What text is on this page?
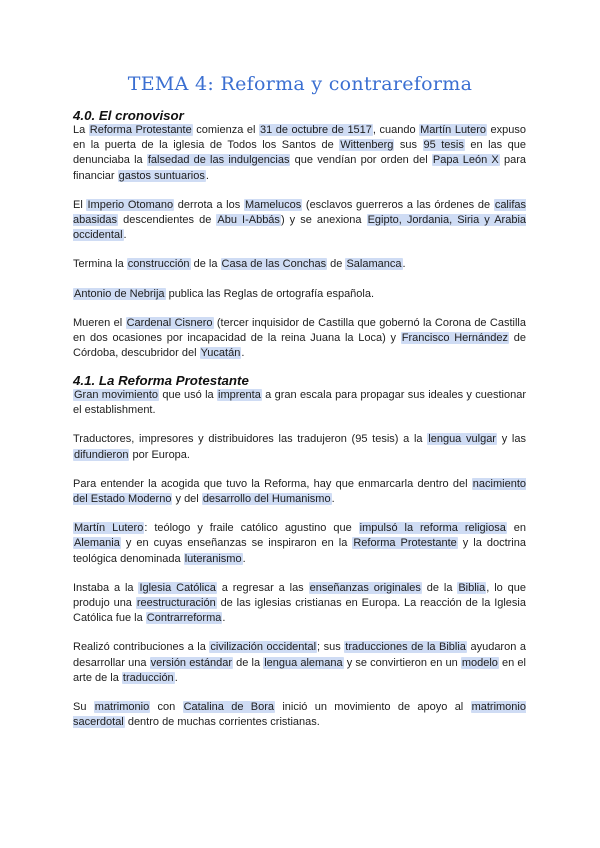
TEMA 4: Reforma y contrareforma
4.0. El cronovisor

La Reforma Protestante comienza el 31 de octubre de 1517, cuando Martín Lutero expuso en la puerta de la iglesia de Todos los Santos de Wittenberg sus 95 tesis en las que denunciaba la falsedad de las indulgencias que vendían por orden del Papa León X para financiar gastos suntuarios.

El Imperio Otomano derrota a los Mamelucos (esclavos guerreros a las órdenes de califas abasidas descendientes de Abu I-Abbás) y se anexiona Egipto, Jordania, Siria y Arabia occidental.

Termina la construcción de la Casa de las Conchas de Salamanca.

Antonio de Nebrija publica las Reglas de ortografía española.

Mueren el Cardenal Cisnero (tercer inquisidor de Castilla que gobernó la Corona de Castilla en dos ocasiones por incapacidad de la reina Juana la Loca) y Francisco Hernández de Córdoba, descubridor del Yucatán.

4.1. La Reforma Protestante

Gran movimiento que usó la imprenta a gran escala para propagar sus ideales y cuestionar el establishment.

Traductores, impresores y distribuidores las tradujeron (95 tesis) a la lengua vulgar y las difundieron por Europa.

Para entender la acogida que tuvo la Reforma, hay que enmarcarla dentro del nacimiento del Estado Moderno y del desarrollo del Humanismo.

Martín Lutero: teólogo y fraile católico agustino que impulsó la reforma religiosa en Alemania y en cuyas enseñanzas se inspiraron en la Reforma Protestante y la doctrina teológica denominada luteranismo.

Instaba a la Iglesia Católica a regresar a las enseñanzas originales de la Biblia, lo que produjo una reestructuración de las iglesias cristianas en Europa. La reacción de la Iglesia Católica fue la Contrarreforma.

Realizó contribuciones a la civilización occidental; sus traducciones de la Biblia ayudaron a desarrollar una versión estándar de la lengua alemana y se convirtieron en un modelo en el arte de la traducción.

Su matrimonio con Catalina de Bora inició un movimiento de apoyo al matrimonio sacerdotal dentro de muchas corrientes cristianas.
